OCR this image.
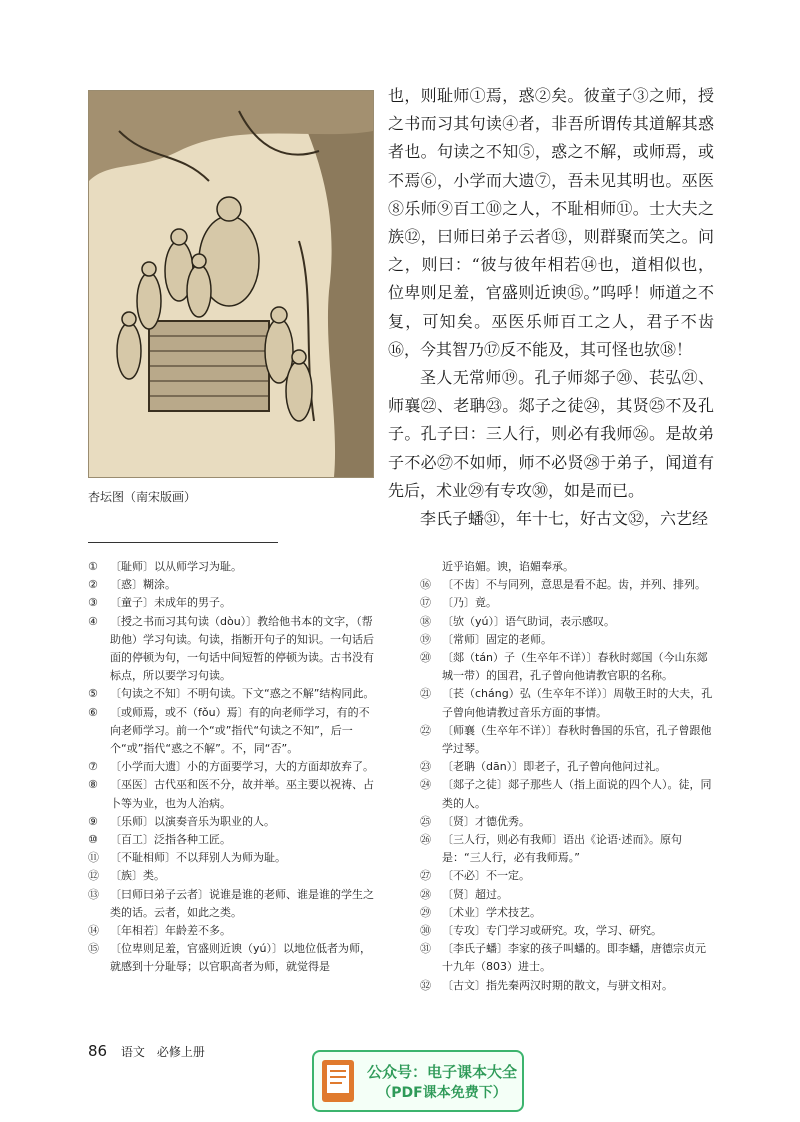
杏坛图（南宋版画）

也，则耻师①焉，惑②矣。彼童子③之师，授之书而习其句读④者，非吾所谓传其道解其惑者也。句读之不知⑤，惑之不解，或师焉，或不焉⑥，小学而大遗⑦，吾未见其明也。巫医⑧乐师⑨百工⑩之人，不耻相师⑪。士大夫之族⑫，曰师曰弟子云者⑬，则群聚而笑之。问之，则曰：“彼与彼年相若⑭也，道相似也，位卑则足羞，官盛则近谀⑮。”呜呼！师道之不复，可知矣。巫医乐师百工之人，君子不齿⑯，今其智乃⑰反不能及，其可怪也欤⑱！

圣人无常师⑲。孔子师郯子⑳、苌弘㉑、师襄㉒、老聃㉓。郯子之徒㉔，其贤㉕不及孔子。孔子曰：三人行，则必有我师㉖。是故弟子不必㉗不如师，师不必贤㉘于弟子，闻道有先后，术业㉙有专攻㉚，如是而已。

李氏子蟠㉛，年十七，好古文㉜，六艺经

①	〔耻师〕以从师学习为耻。
②	〔惑〕糊涂。
③	〔童子〕未成年的男子。
④	〔授之书而习其句读（dòu）〕教给他书本的文字，（帮助他）学习句读。句读，指断开句子的知识。一句话后面的停顿为句，一句话中间短暂的停顿为读。古书没有标点，所以要学习句读。
⑤	〔句读之不知〕不明句读。下文“惑之不解”结构同此。
⑥	〔或师焉，或不（fǒu）焉〕有的向老师学习，有的不向老师学习。前一个“或”指代“句读之不知”，后一个“或”指代“惑之不解”。不，同“否”。
⑦	〔小学而大遗〕小的方面要学习，大的方面却放弃了。
⑧	〔巫医〕古代巫和医不分，故并举。巫主要以祝祷、占卜等为业，也为人治病。
⑨	〔乐师〕以演奏音乐为职业的人。
⑩	〔百工〕泛指各种工匠。
⑪	〔不耻相师〕不以拜别人为师为耻。
⑫	〔族〕类。
⑬	〔曰师曰弟子云者〕说谁是谁的老师、谁是谁的学生之类的话。云者，如此之类。
⑭	〔年相若〕年龄差不多。
⑮	〔位卑则足羞，官盛则近谀（yú）〕以地位低者为师，就感到十分耻辱；以官职高者为师，就觉得是
近乎谄媚。谀，谄媚奉承。
⑯	〔不齿〕不与同列，意思是看不起。齿，并列、排列。
⑰	〔乃〕竟。
⑱	〔欤（yú）〕语气助词，表示感叹。
⑲	〔常师〕固定的老师。
⑳	〔郯（tán）子（生卒年不详）〕春秋时郯国（今山东郯城一带）的国君，孔子曾向他请教官职的名称。
㉑	〔苌（cháng）弘（生卒年不详）〕周敬王时的大夫，孔子曾向他请教过音乐方面的事情。
㉒	〔师襄（生卒年不详）〕春秋时鲁国的乐官，孔子曾跟他学过琴。
㉓	〔老聃（dān）〕即老子，孔子曾向他问过礼。
㉔	〔郯子之徒〕郯子那些人（指上面说的四个人）。徒，同类的人。
㉕	〔贤〕才德优秀。
㉖	〔三人行，则必有我师〕语出《论语·述而》。原句是：“三人行，必有我师焉。”
㉗	〔不必〕不一定。
㉘	〔贤〕超过。
㉙	〔术业〕学术技艺。
㉚	〔专攻〕专门学习或研究。攻，学习、研究。
㉛	〔李氏子蟠〕李家的孩子叫蟠的。即李蟠，唐德宗贞元十九年（803）进士。
㉜	〔古文〕指先秦两汉时期的散文，与骈文相对。
86 语文　必修上册
公众号：电子课本大全
（PDF课本免费下）
